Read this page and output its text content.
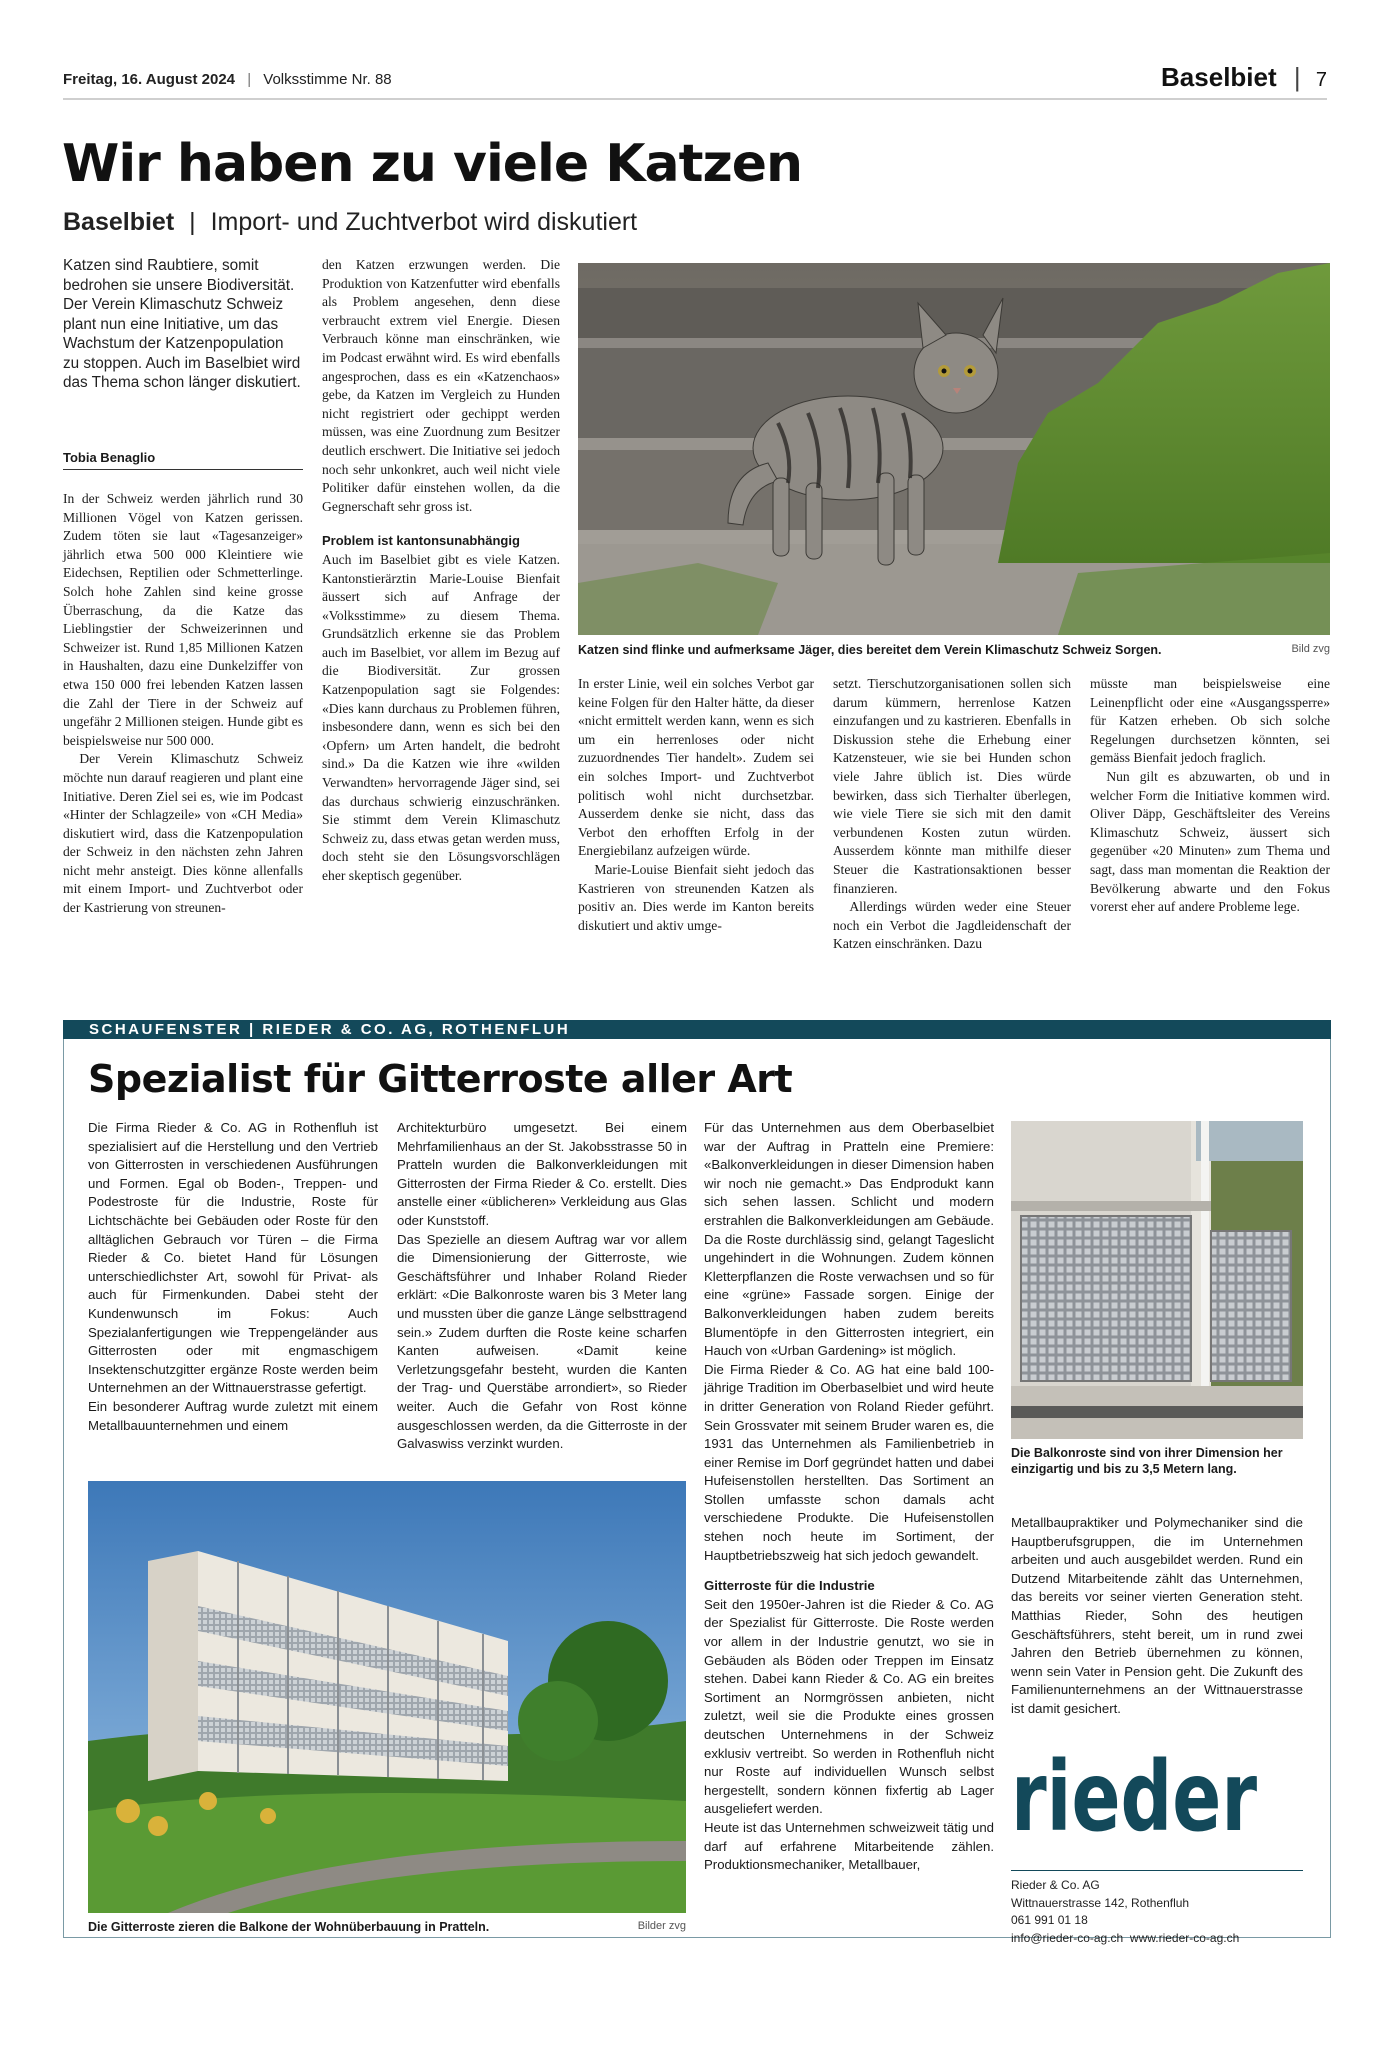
Freitag, 16. August 2024 | Volksstimme Nr. 88	Baselbiet | 7
Wir haben zu viele Katzen
Baselbiet | Import- und Zuchtverbot wird diskutiert
Katzen sind Raubtiere, somit bedrohen sie unsere Biodiversität. Der Verein Klimaschutz Schweiz plant nun eine Initiative, um das Wachstum der Katzenpopulation zu stoppen. Auch im Baselbiet wird das Thema schon länger diskutiert.
Tobia Benaglio

In der Schweiz werden jährlich rund 30 Millionen Vögel von Katzen gerissen. Zudem töten sie laut «Tagesanzeiger» jährlich etwa 500 000 Kleintiere wie Eidechsen, Reptilien oder Schmetterlinge. Solch hohe Zahlen sind keine grosse Überraschung, da die Katze das Lieblingstier der Schweizerinnen und Schweizer ist. Rund 1,85 Millionen Katzen in Haushalten, dazu eine Dunkelziffer von etwa 150 000 frei lebenden Katzen lassen die Zahl der Tiere in der Schweiz auf ungefähr 2 Millionen steigen. Hunde gibt es beispielsweise nur 500 000.

Der Verein Klimaschutz Schweiz möchte nun darauf reagieren und plant eine Initiative. Deren Ziel sei es, wie im Podcast «Hinter der Schlagzeile» von «CH Media» diskutiert wird, dass die Katzenpopulation der Schweiz in den nächsten zehn Jahren nicht mehr ansteigt. Dies könne allenfalls mit einem Import- und Zuchtverbot oder der Kastrierung von streunen-

den Katzen erzwungen werden. Die Produktion von Katzenfutter wird ebenfalls als Problem angesehen, denn diese verbraucht extrem viel Energie. Diesen Verbrauch könne man einschränken, wie im Podcast erwähnt wird. Es wird ebenfalls angesprochen, dass es ein «Katzenchaos» gebe, da Katzen im Vergleich zu Hunden nicht registriert oder gechippt werden müssen, was eine Zuordnung zum Besitzer deutlich erschwert. Die Initiative sei jedoch noch sehr unkonkret, auch weil nicht viele Politiker dafür einstehen wollen, da die Gegnerschaft sehr gross ist.

Problem ist kantonsunabhängig

Auch im Baselbiet gibt es viele Katzen. Kantonstierärztin Marie-Louise Bienfait äussert sich auf Anfrage der «Volksstimme» zu diesem Thema. Grundsätzlich erkenne sie das Problem auch im Baselbiet, vor allem im Bezug auf die Biodiversität. Zur grossen Katzenpopulation sagt sie Folgendes: «Dies kann durchaus zu Problemen führen, insbesondere dann, wenn es sich bei den ‹Opfern› um Arten handelt, die bedroht sind.» Da die Katzen wie ihre «wilden Verwandten» hervorragende Jäger sind, sei das durchaus schwierig einzuschränken. Sie stimmt dem Verein Klimaschutz Schweiz zu, dass etwas getan werden muss, doch steht sie den Lösungsvorschlägen eher skeptisch gegenüber.

Katzen sind flinke und aufmerksame Jäger, dies bereitet dem Verein Klimaschutz Schweiz Sorgen.	Bild zvg

In erster Linie, weil ein solches Verbot gar keine Folgen für den Halter hätte, da dieser «nicht ermittelt werden kann, wenn es sich um ein herrenloses oder nicht zuzuordnendes Tier handelt». Zudem sei ein solches Import- und Zuchtverbot politisch wohl nicht durchsetzbar. Ausserdem denke sie nicht, dass das Verbot den erhofften Erfolg in der Energiebilanz aufzeigen würde.

Marie-Louise Bienfait sieht jedoch das Kastrieren von streunenden Katzen als positiv an. Dies werde im Kanton bereits diskutiert und aktiv umge-

setzt. Tierschutzorganisationen sollen sich darum kümmern, herrenlose Katzen einzufangen und zu kastrieren. Ebenfalls in Diskussion stehe die Erhebung einer Katzensteuer, wie sie bei Hunden schon viele Jahre üblich ist. Dies würde bewirken, dass sich Tierhalter überlegen, wie viele Tiere sie sich mit den damit verbundenen Kosten zutun würden. Ausserdem könnte man mithilfe dieser Steuer die Kastrationsaktionen besser finanzieren.

Allerdings würden weder eine Steuer noch ein Verbot die Jagdleidenschaft der Katzen einschränken. Dazu

müsste man beispielsweise eine Leinenpflicht oder eine «Ausgangssperre» für Katzen erheben. Ob sich solche Regelungen durchsetzen könnten, sei gemäss Bienfait jedoch fraglich.

Nun gilt es abzuwarten, ob und in welcher Form die Initiative kommen wird. Oliver Däpp, Geschäftsleiter des Vereins Klimaschutz Schweiz, äussert sich gegenüber «20 Minuten» zum Thema und sagt, dass man momentan die Reaktion der Bevölkerung abwarte und den Fokus vorerst eher auf andere Probleme lege.

SCHAUFENSTER | RIEDER & CO. AG, ROTHENFLUH
Spezialist für Gitterroste aller Art

Die Firma Rieder & Co. AG in Rothenfluh ist spezialisiert auf die Herstellung und den Vertrieb von Gitterrosten in verschiedenen Ausführungen und Formen. Egal ob Boden-, Treppen- und Podestroste für die Industrie, Roste für Lichtschächte bei Gebäuden oder Roste für den alltäglichen Gebrauch vor Türen – die Firma Rieder & Co. bietet Hand für Lösungen unterschiedlichster Art, sowohl für Privat- als auch für Firmenkunden. Dabei steht der Kundenwunsch im Fokus: Auch Spezialanfertigungen wie Treppengeländer aus Gitterrosten oder mit engmaschigem Insektenschutzgitter ergänze Roste werden beim Unternehmen an der Wittnauerstrasse gefertigt.

Ein besonderer Auftrag wurde zuletzt mit einem Metallbauunternehmen und einem

Architekturbüro umgesetzt. Bei einem Mehrfamilienhaus an der St. Jakobsstrasse 50 in Pratteln wurden die Balkonverkleidungen mit Gitterrosten der Firma Rieder & Co. erstellt. Dies anstelle einer «üblicheren» Verkleidung aus Glas oder Kunststoff.

Das Spezielle an diesem Auftrag war vor allem die Dimensionierung der Gitterroste, wie Geschäftsführer und Inhaber Roland Rieder erklärt: «Die Balkonroste waren bis 3 Meter lang und mussten über die ganze Länge selbsttragend sein.» Zudem durften die Roste keine scharfen Kanten aufweisen. «Damit keine Verletzungsgefahr besteht, wurden die Kanten der Trag- und Querstäbe arrondiert», so Rieder weiter. Auch die Gefahr von Rost könne ausgeschlossen werden, da die Gitterroste in der Galvaswiss verzinkt wurden.

Für das Unternehmen aus dem Oberbaselbiet war der Auftrag in Pratteln eine Premiere: «Balkonverkleidungen in dieser Dimension haben wir noch nie gemacht.» Das Endprodukt kann sich sehen lassen. Schlicht und modern erstrahlen die Balkonverkleidungen am Gebäude. Da die Roste durchlässig sind, gelangt Tageslicht ungehindert in die Wohnungen. Zudem können Kletterpflanzen die Roste verwachsen und so für eine «grüne» Fassade sorgen. Einige der Balkonverkleidungen haben zudem bereits Blumentöpfe in den Gitterrosten integriert, ein Hauch von «Urban Gardening» ist möglich.

Die Firma Rieder & Co. AG hat eine bald 100-jährige Tradition im Oberbaselbiet und wird heute in dritter Generation von Roland Rieder geführt. Sein Grossvater mit seinem Bruder waren es, die 1931 das Unternehmen als Familienbetrieb in einer Remise im Dorf gegründet hatten und dabei Hufeisenstollen herstellten. Das Sortiment an Stollen umfasste schon damals acht verschiedene Produkte. Die Hufeisenstollen stehen noch heute im Sortiment, der Hauptbetriebszweig hat sich jedoch gewandelt.

Gitterroste für die Industrie

Seit den 1950er-Jahren ist die Rieder & Co. AG der Spezialist für Gitterroste. Die Roste werden vor allem in der Industrie genutzt, wo sie in Gebäuden als Böden oder Treppen im Einsatz stehen. Dabei kann Rieder & Co. AG ein breites Sortiment an Normgrössen anbieten, nicht zuletzt, weil sie die Produkte eines grossen deutschen Unternehmens in der Schweiz exklusiv vertreibt. So werden in Rothenfluh nicht nur Roste auf individuellen Wunsch selbst hergestellt, sondern können fixfertig ab Lager ausgeliefert werden.

Heute ist das Unternehmen schweizweit tätig und darf auf erfahrene Mitarbeitende zählen. Produktionsmechaniker, Metallbauer,

Die Balkonroste sind von ihrer Dimension her einzigartig und bis zu 3,5 Metern lang.

Metallbaupraktiker und Polymechaniker sind die Hauptberufsgruppen, die im Unternehmen arbeiten und auch ausgebildet werden. Rund ein Dutzend Mitarbeitende zählt das Unternehmen, das bereits vor seiner vierten Generation steht. Matthias Rieder, Sohn des heutigen Geschäftsführers, steht bereit, um in rund zwei Jahren den Betrieb übernehmen zu können, wenn sein Vater in Pension geht. Die Zukunft des Familienunternehmens an der Wittnauerstrasse ist damit gesichert.

Die Gitterroste zieren die Balkone der Wohnüberbauung in Pratteln.	Bilder zvg
rieder
Rieder & Co. AG
Wittnauerstrasse 142, Rothenfluh
061 991 01 18
info@rieder-co-ag.ch  www.rieder-co-ag.ch
